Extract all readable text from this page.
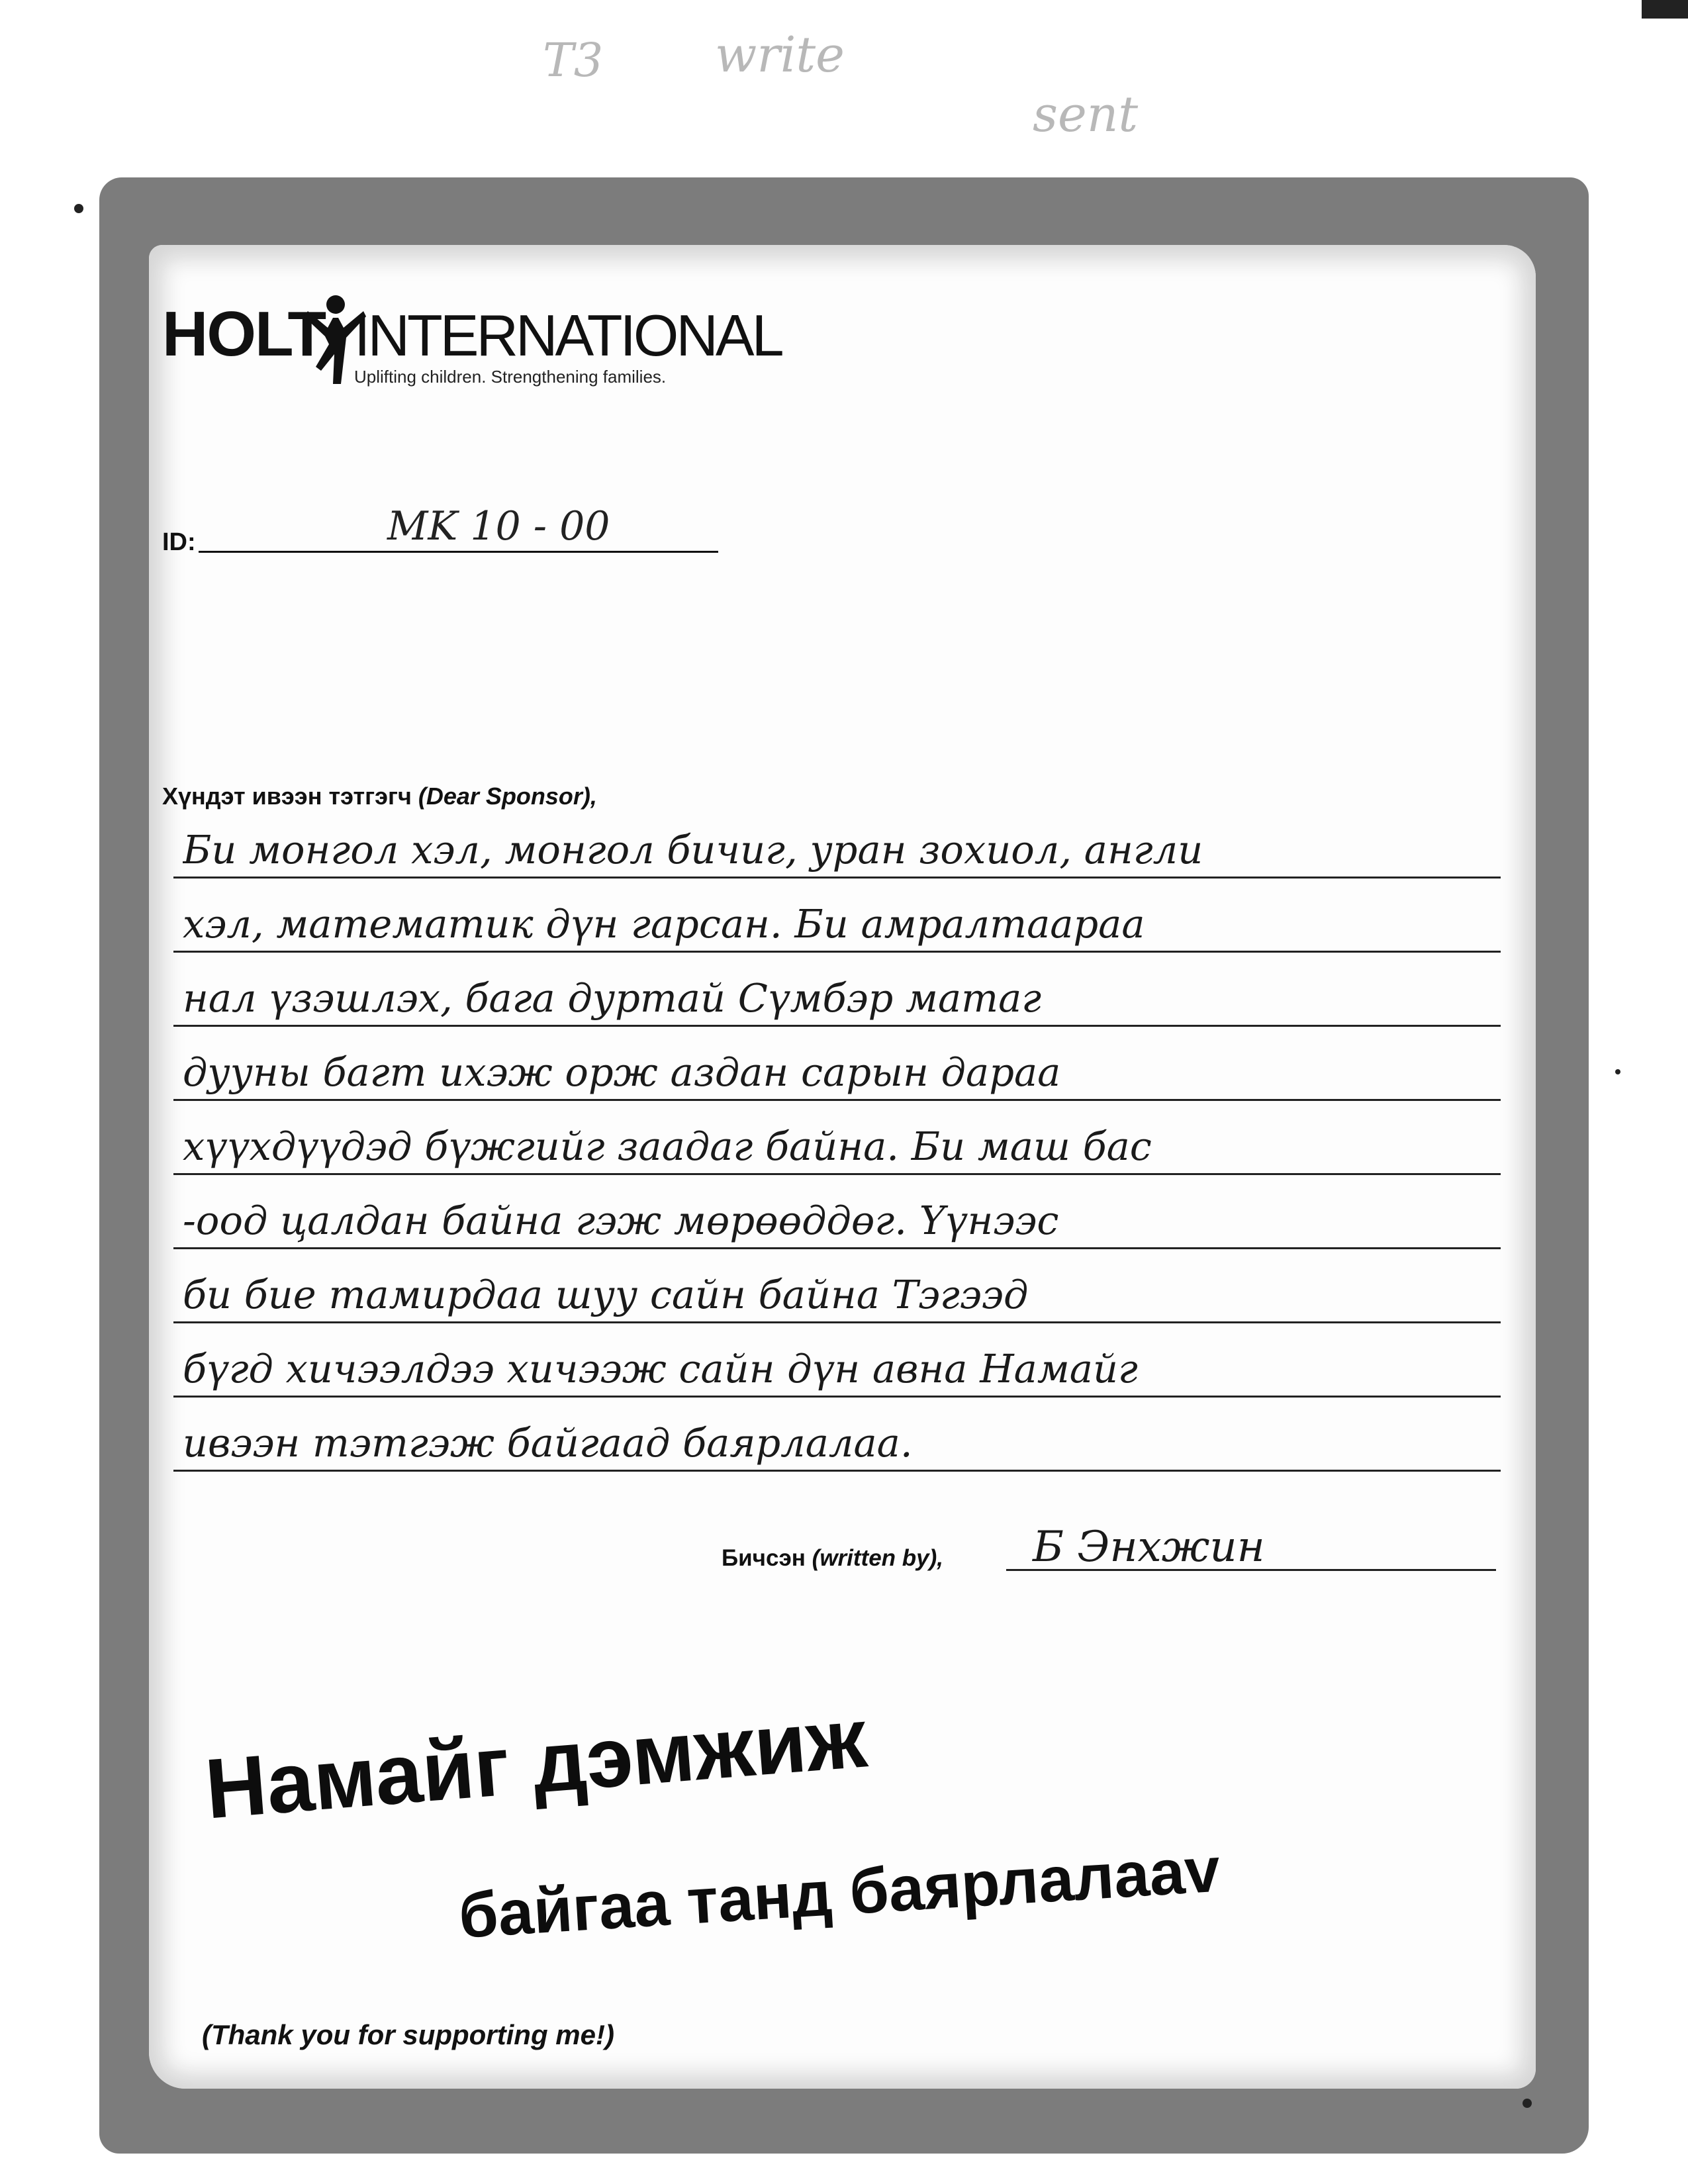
T3 write
sent
HOLT INTERNATIONAL
Uplifting children. Strengthening families.
ID:	MK 10 - 00
Хүндэт ивээн тэтгэгч (Dear Sponsor),
Би монгол хэл, монгол бичиг, уран зохиол, англи
хэл, математик дүн гарсан. Би амралтаараа
нал үзэшлэх, бага дуртай Сүмбэр матаг
дууны багт ихэж орж аздан сарын дараа
хүүхдүүдэд бүжгийг заадаг байна. Би маш бас
-оод цалдан байна гэж мөрөөддөг. Үүнээс
би бие тамирдаа шуу сайн байна Тэгээд
бүгд хичээлдээ хичээж сайн дүн авна Намайг
ивээн тэтгэж байгаад баярлалаа.
Бичсэн (written by), Б Энхжин
Намайг дэмжиж
байгаа танд баярлалааv
(Thank you for supporting me!)
